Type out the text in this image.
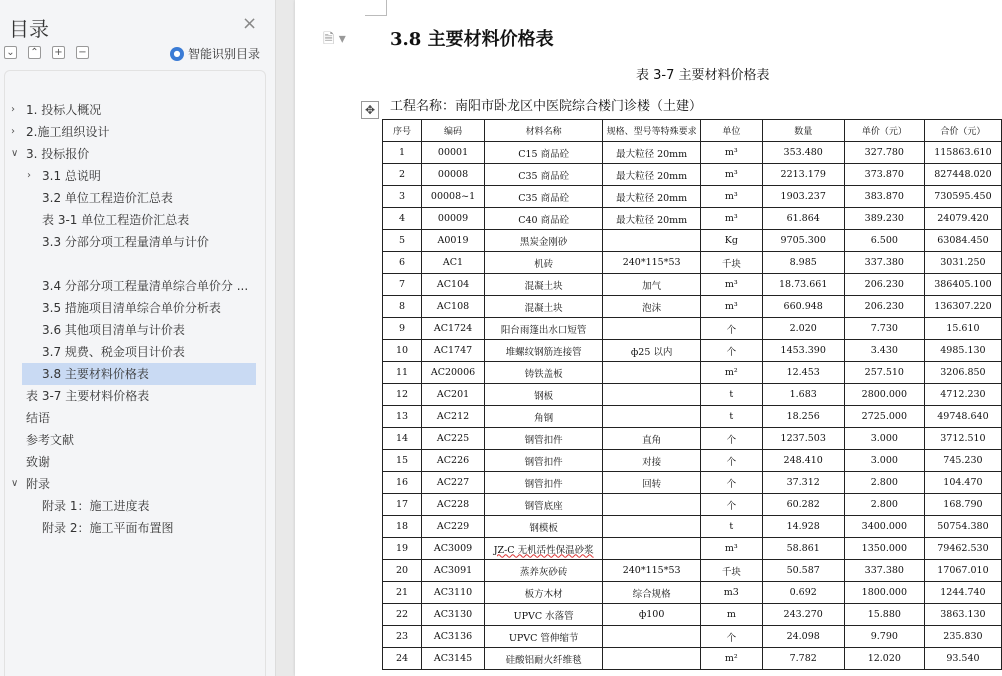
目录	×
⌄ ⌃ + −	● 智能识别目录
› 1. 投标人概况
› 2.施工组织设计
∨ 3. 投标报价
› 3.1 总说明
3.2 单位工程造价汇总表
表 3-1 单位工程造价汇总表
3.3 分部分项工程量清单与计价
3.4 分部分项工程量清单综合单价分 ...
3.5 措施项目清单综合单价分析表
3.6 其他项目清单与计价表
3.7 规费、税金项目计价表
3.8 主要材料价格表
表 3-7 主要材料价格表
结语
参考文献
致谢
∨ 附录
附录 1：施工进度表
附录 2：施工平面布置图
🗎 ▾ 3.8 主要材料价格表
表 3-7 主要材料价格表
✥	工程名称：南阳市卧龙区中医院综合楼门诊楼（土建）
序号	编码	材料名称	规格、型号等特殊要求	单位	数量	单价（元）	合价（元）
1	00001	C15 商品砼	最大粒径 20mm	m³	353.480	327.780	115863.610
2	00008	C35 商品砼	最大粒径 20mm	m³	2213.179	373.870	827448.020
3	00008~1	C35 商品砼	最大粒径 20mm	m³	1903.237	383.870	730595.450
4	00009	C40 商品砼	最大粒径 20mm	m³	61.864	389.230	24079.420
5	A0019	黑炭金刚砂		Kg	9705.300	6.500	63084.450
6	AC1	机砖	240*115*53	千块	8.985	337.380	3031.250
7	AC104	混凝土块	加气	m³	18.73.661	206.230	386405.100
8	AC108	混凝土块	泡沫	m³	660.948	206.230	136307.220
9	AC1724	阳台雨篷出水口短管		个	2.020	7.730	15.610
10	AC1747	堆螺纹钢筋连接管	ф25 以内	个	1453.390	3.430	4985.130
11	AC20006	铸铁盖板		m²	12.453	257.510	3206.850
12	AC201	钢板		t	1.683	2800.000	4712.230
13	AC212	角钢		t	18.256	2725.000	49748.640
14	AC225	钢管扣件	直角	个	1237.503	3.000	3712.510
15	AC226	钢管扣件	对接	个	248.410	3.000	745.230
16	AC227	钢管扣件	回转	个	37.312	2.800	104.470
17	AC228	钢管底座		个	60.282	2.800	168.790
18	AC229	钢模板		t	14.928	3400.000	50754.380
19	AC3009	JZ-C 无机活性保温砂浆		m³	58.861	1350.000	79462.530
20	AC3091	蒸养灰砂砖	240*115*53	千块	50.587	337.380	17067.010
21	AC3110	板方木材	综合规格	m3	0.692	1800.000	1244.740
22	AC3130	UPVC 水落管	ф100	m	243.270	15.880	3863.130
23	AC3136	UPVC 管伸缩节		个	24.098	9.790	235.830
24	AC3145	硅酸铝耐火纤维毯		m²	7.782	12.020	93.540
